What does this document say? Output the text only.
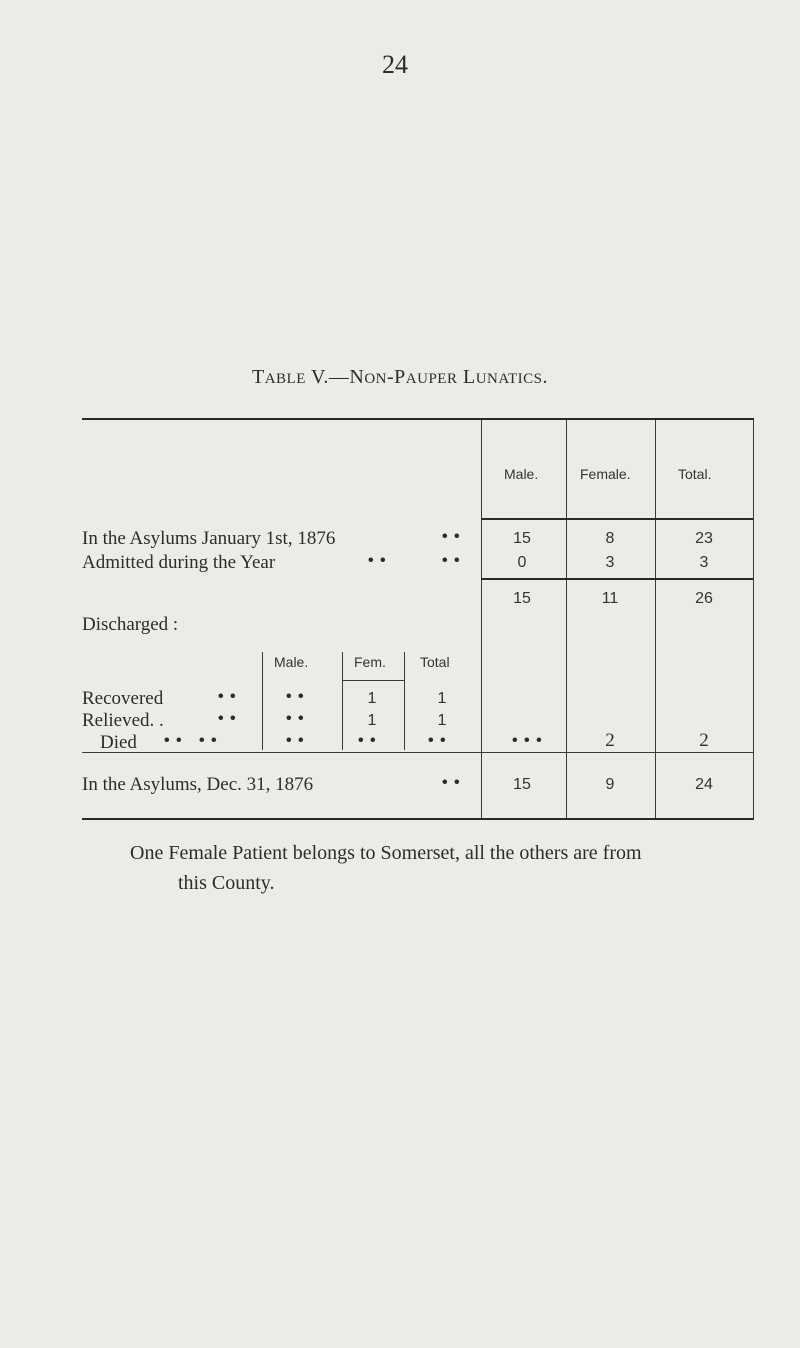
24
TABLE V.—NON-PAUPER LUNATICS.
Male.	Female.	Total.
In the Asylums January 1st, 1876	• •	15	8	23
Admitted during the Year	• •	• •	0	3	3
15	11	26
Discharged :
Male.	Fem. Total
Recovered	• •	• •	1	1
Relieved. .	• •	• •	1	1
Died • •   • •	• •	• •	• •	• • •	2	2
In the Asylums, Dec. 31, 1876	• •	15	9	24
One Female Patient belongs to Somerset, all the others are from
this County.
